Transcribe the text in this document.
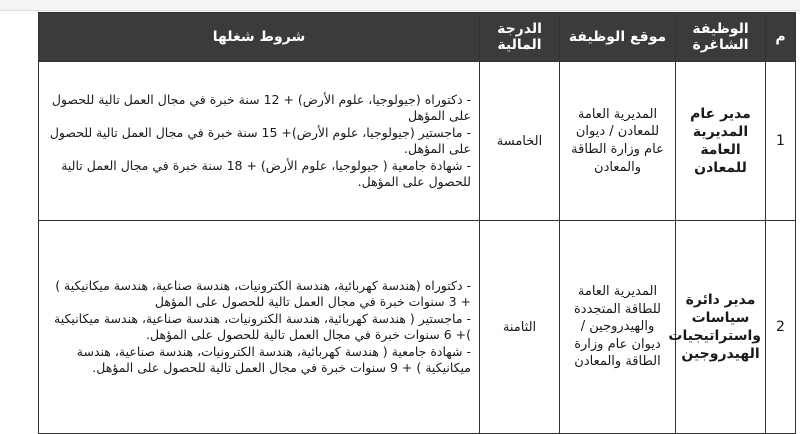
م	الوظيفة الشاغرة	موقع الوظيفة	الدرجة المالية	شروط شغلها
1	مدير عام المديرية العامة للمعادن	المديرية العامة للمعادن / ديوان عام وزارة الطاقة والمعادن	الخامسة	- دكتوراه (جيولوجيا، علوم الأرض) + 12 سنة خبرة في مجال العمل تالية للحصول على المؤهل
- ماجستير (جيولوجيا، علوم الأرض)+ 15 سنة خبرة في مجال العمل تالية للحصول على المؤهل.
- شهادة جامعية ( جيولوجيا، علوم الأرض) + 18 سنة خبرة في مجال العمل تالية للحصول على المؤهل.

2	مدير دائرة سياسات واستراتيجيات الهيدروجين	المديرية العامة للطاقة المتجددة والهيدروجين / ديوان عام وزارة الطاقة والمعادن	الثامنة	- دكتوراه (هندسة كهربائية، هندسة الكترونيات، هندسة صناعية، هندسة ميكانيكية ) + 3 سنوات خبرة في مجال العمل تالية للحصول على المؤهل
- ماجستير ( هندسة كهربائية، هندسة الكترونيات، هندسة صناعية، هندسة ميكانيكية )+ 6 سنوات خبرة في مجال العمل تالية للحصول على المؤهل.
- شهادة جامعية ( هندسة كهربائية، هندسة الكترونيات، هندسة صناعية، هندسة ميكانيكية ) + 9 سنوات خبرة في مجال العمل تالية للحصول على المؤهل.
